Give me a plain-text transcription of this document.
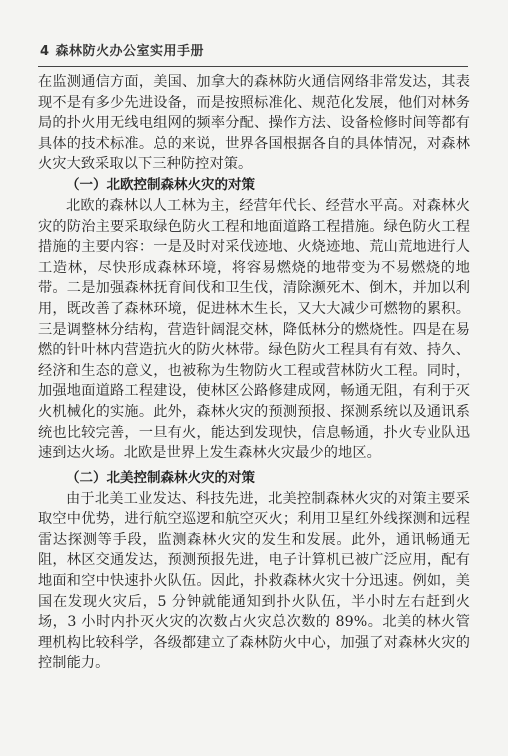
4 森林防火办公室实用手册

在监测通信方面，美国、加拿大的森林防火通信网络非常发达，其表现不是有多少先进设备，而是按照标准化、规范化发展，他们对林务局的扑火用无线电组网的频率分配、操作方法、设备检修时间等都有具体的技术标准。总的来说，世界各国根据各自的具体情况，对森林火灾大致采取以下三种防控对策。

（一）北欧控制森林火灾的对策

北欧的森林以人工林为主，经营年代长、经营水平高。对森林火灾的防治主要采取绿色防火工程和地面道路工程措施。绿色防火工程措施的主要内容：一是及时对采伐迹地、火烧迹地、荒山荒地进行人工造林，尽快形成森林环境，将容易燃烧的地带变为不易燃烧的地带。二是加强森林抚育间伐和卫生伐，清除濒死木、倒木，并加以利用，既改善了森林环境，促进林木生长，又大大减少可燃物的累积。三是调整林分结构，营造针阔混交林，降低林分的燃烧性。四是在易燃的针叶林内营造抗火的防火林带。绿色防火工程具有有效、持久、经济和生态的意义，也被称为生物防火工程或营林防火工程。同时，加强地面道路工程建设，使林区公路修建成网，畅通无阻，有利于灭火机械化的实施。此外，森林火灾的预测预报、探测系统以及通讯系统也比较完善，一旦有火，能达到发现快，信息畅通，扑火专业队迅速到达火场。北欧是世界上发生森林火灾最少的地区。

（二）北美控制森林火灾的对策

由于北美工业发达、科技先进，北美控制森林火灾的对策主要采取空中优势，进行航空巡逻和航空灭火；利用卫星红外线探测和远程雷达探测等手段，监测森林火灾的发生和发展。此外，通讯畅通无阻，林区交通发达，预测预报先进，电子计算机已被广泛应用，配有地面和空中快速扑火队伍。因此，扑救森林火灾十分迅速。例如，美国在发现火灾后，5 分钟就能通知到扑火队伍，半小时左右赶到火场，3 小时内扑灭火灾的次数占火灾总次数的 89%。北美的林火管理机构比较科学，各级都建立了森林防火中心，加强了对森林火灾的控制能力。
